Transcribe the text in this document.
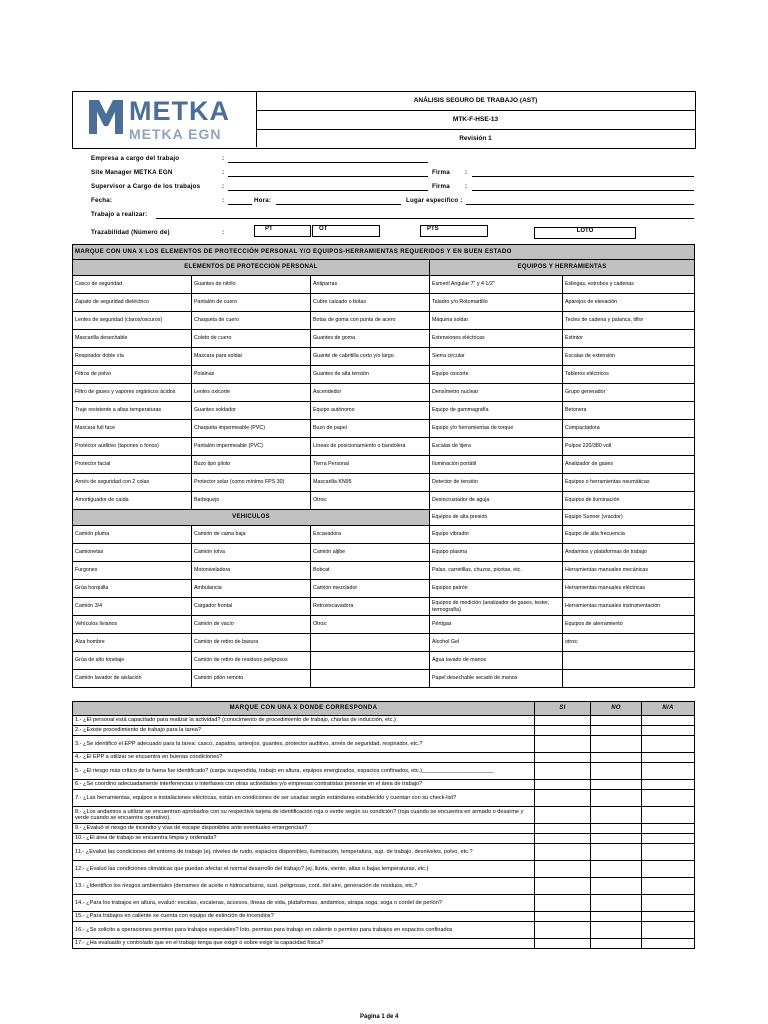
METKA
METKA EGN
ANÁLISIS SEGURO DE TRABAJO (AST)
MTK-F-HSE-13
Revisión 1
Empresa a cargo del trabajo	:
Site Manager METKA EGN	:	Firma :
Supervisor a Cargo de los trabajos	:	Firma :
Fecha:	:	Hora:	Lugar especifico :
Trabajo a realizar:
Trazabilidad (Número de)	:	PT	OT	PTS	LOTO
MARQUE CON UNA X LOS ELEMENTOS DE PROTECCIÓN PERSONAL Y/O EQUIPOS-HERRAMIENTAS REQUERIDOS Y EN BUEN ESTADO				
ELEMENTOS DE PROTECCION PERSONAL			EQUIPOS Y HERRAMIENTAS	
Casco de seguridad	Guantes de nitrilo	Antiparras	Esmeril Angular 7" y 4 1/2"	Eslingas, estrobos y cadenas
Zapato de seguridad dieléctrico	Pantalón de cuero	Cubre calzado o botas	Taladro y/o Rotomartillo	Aparejos de elevación
Lentes de seguridad (claros/oscuros)	Chaqueta de cuero	Botas de goma con punta de acero	Máquina soldar	Tecles de cadena y palanca, tilfor
Mascarilla desechable	Coleto de cuero	Guantes de goma	Extensiones eléctricas	Extintor
Respirador doble vía	Mascara para soldar	Guante de cabritilla corto y/o largo	Sierra circular	Escalas de extensión
Filtros de polvo	Polainas	Guantes de alta tensión	Equipo oxicorte	Tableros eléctricos
Filtro de gases y vapores orgánicos ácidos	Lentes oxicorte	Ascendedor	Densímetro nuclear	Grupo generador
Traje resistente a altas temperaturas	Guantes soldador	Equipo autónomo	Equipo de gammagrafía	Betonera
Mascara full face	Chaqueta impermeable (PVC)	Buzo de papel	Equipo y/o herramientas de torque	Compactadora
Protector auditivo (tapones o fonos)	Pantalón impermeable (PVC)	Líneas de posicionamiento o bandolera	Escalas de tijera	Pulpos 220/380 volt
Protector facial	Buzo tipo piloto	Tierra Personal	Iluminación portátil	Analizador de gases
Arnés de seguridad con 2 colas	Protector solar (como mínimo FPS 30)	Mascarilla KN95	Detector de tensión	Equipos o herramientas neumáticas
Amortiguador de caída	Barbiquejo	Otros:	Desincrustador de aguja	Equipos de iluminación
VEHICULOS			Equipos de alta presión	Equipo Sunner (vracdor)
Camión pluma	Camión de cama baja	Excavadora	Equipo vibrador	Equipo de alta frecuencia
Camionetas	Camión tolva	Camión aljibe	Equipo plasma	Andamios y plataformas de trabajo
Furgones	Motoniveladora	Bobcat	Palas, carretillas, chuzos, picotas, etc.	Herramientas manuales mecánicas
Grúa horquilla	Ambulancia	Camión mezclador	Equipos patrón	Herramientas manuales eléctricas
Camión 3/4	Cargador frontal	Retroexcavadora	Equipos de medición (analizador de gases, tester, termografía)	Herramientas manuales instrumentación
Vehículos livianos	Camión de vacío	Otros:	Pértigas	Equipos de aterramiento
Alza hombre	Camión de retiro de basura		Alcohol Gel	otros:
Grúa de alto tonelaje	Camión de retiro de residuos peligrosos		Agua lavado de manos	
Camión lavador de aislación	Camión pitón remoto		Papel desechable secado de manos	
MARQUE CON UNA X DONDE CORRESPONDA	SI	NO	N/A
1.- ¿El personal está capacitado para realizar la actividad? (conocimiento de procedimiento de trabajo, charlas de inducción, etc.)			
2.- ¿Existe procedimiento de trabajo para la tarea?			
3.- ¿Se identificó el EPP adecuado para la tarea: casco, zapatos, anteojos, guantes, protector auditivo, arnés de seguridad, respirador, etc.?			
4.- ¿El EPP a utilizar se encuentra en buenas condiciones?			
5.- ¿El riesgo más crítico de la faena fue identificado? (carga suspendida, trabajo en altura, equipos energizados, espacios confinados, etc.)_______________________			
6.- ¿Se coordino adecuadamente interferencias o interfases con otras actividades y/o empresas contratistas presente en el área de trabajo?			
7.- ¿Las herramientas, equipos e instalaciones eléctricas, están en condiciones de ser usadas según estándares establecido y cuentan con su check-list?			
8.- ¿Los andamios a utilizar se encuentran aprobados con su respectiva tarjeta de identificación roja o verde según su condición? (roja cuando se encuentra en armado o desarme y verde cuando se encuentra operativo).			
9.- ¿Evaluó el riesgo de incendio y vías de escape disponibles ante eventuales emergencias?			
10.- ¿El área de trabajo se encuentra limpia y ordenada?			
11.- ¿Evaluó las condiciones del entorno de trabajo (ej. niveles de ruido, espacios disponibles, iluminación, temperatura, sup. de trabajo, desniveles, polvo, etc.?			
12.- ¿Evaluó las condiciones climáticas que puedan afectar el normal desarrollo del trabajo? (ej. lluvia, viento, altas o bajas temperaturas, etc.)			
13.- ¿Identifico los riesgos ambientales (derrames de aceite o hidrocarburos, sust. peligrosas, cont. del aire, generación de residuos, etc.?			
14.- ¿Para los trabajos en altura, evaluó: escalas, escaleras, accesos, líneas de vida, plataformas, andamios, atrapa soga, soga o cordel de perlón?			
15.- ¿Para trabajos en caliente se cuenta con equipo de extinción de incendios?			
16.- ¿Se solicito a operaciones permiso para trabajos especiales? loto, permiso para trabajo en caliente o permiso para trabajos en espacios confinados			
17.- ¿Ha evaluado y controlado que en el trabajo tenga que exigir o sobre exigir la capacidad física?			
Página 1 de 4
